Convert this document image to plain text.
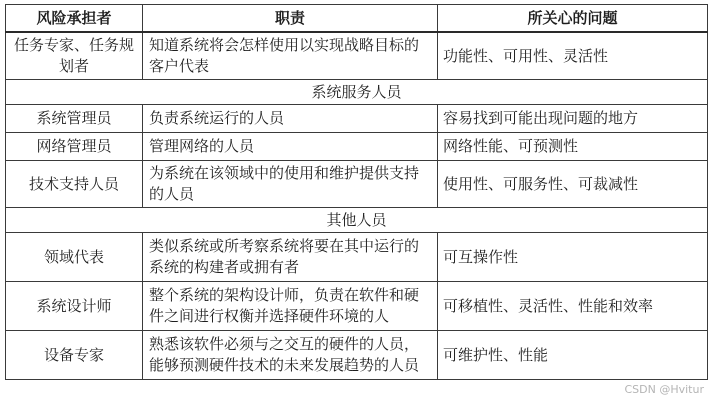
风险承担者	职责	所关心的问题
任务专家、任务规划者	知道系统将会怎样使用以实现战略目标的客户代表	功能性、可用性、灵活性
系统服务人员		
系统管理员	负责系统运行的人员	容易找到可能出现问题的地方
网络管理员	管理网络的人员	网络性能、可预测性
技术支持人员	为系统在该领域中的使用和维护提供支持的人员	使用性、可服务性、可裁减性
其他人员		
领域代表	类似系统或所考察系统将要在其中运行的系统的构建者或拥有者	可互操作性
系统设计师	整个系统的架构设计师，负责在软件和硬件之间进行权衡并选择硬件环境的人	可移植性、灵活性、性能和效率
设备专家	熟悉该软件必须与之交互的硬件的人员，能够预测硬件技术的未来发展趋势的人员	可维护性、性能
CSDN @Hvitur
